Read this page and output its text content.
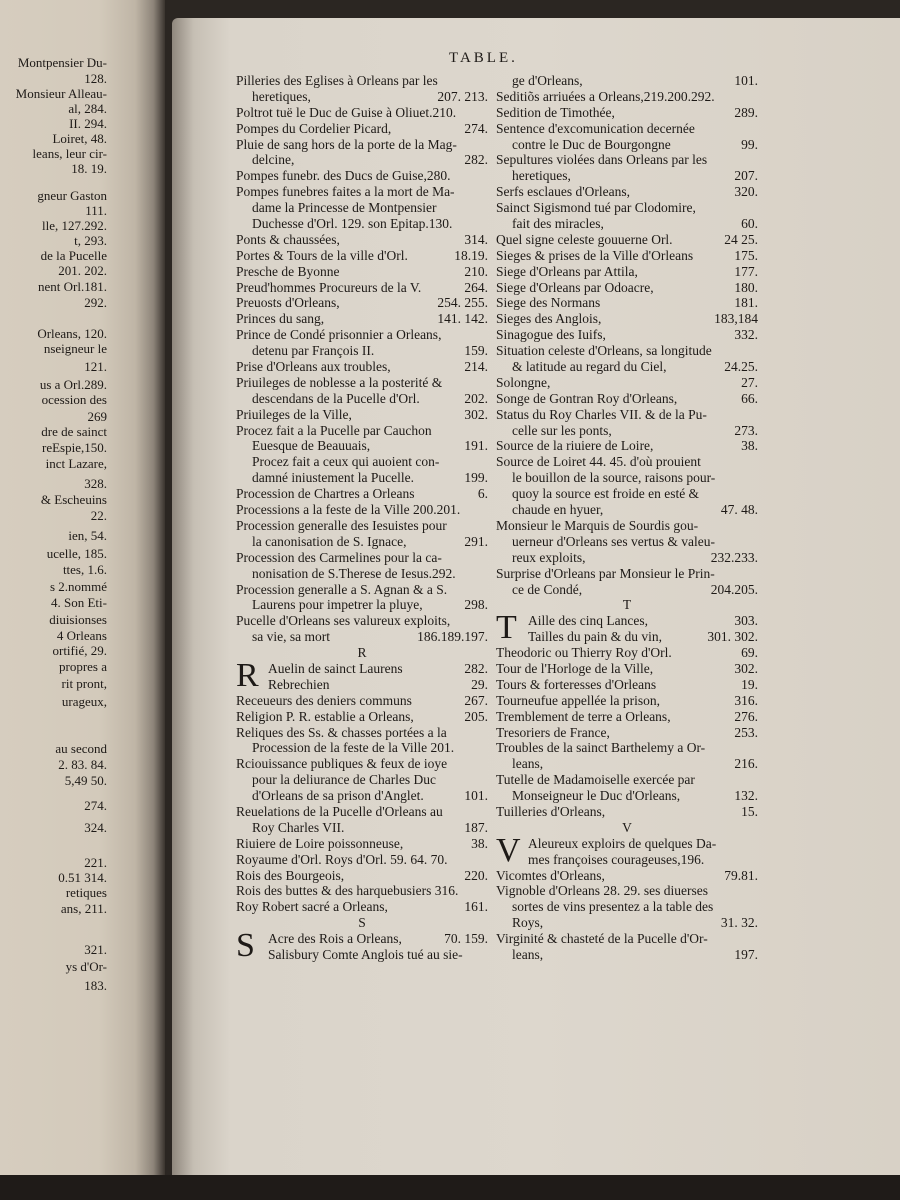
Montpensier Du-
128.
Monsieur Alleau-
al, 284.
II. 294.
Loiret, 48.
leans, leur cir-
18. 19.
gneur Gaston
111.
lle, 127.292.
t, 293.
de la Pucelle
201. 202.
nent Orl.181.
292.
Orleans, 120.
nseigneur le
121.
us a Orl.289.
ocession des
269
dre de sainct
reEspie,150.
inct Lazare,
328.
& Escheuins
22.
ien, 54.
ucelle, 185.
ttes, 1.6.
s 2.nommé
4. Son Eti-
diuisionses
4 Orleans
ortifié, 29.
propres a
rit pront,
urageux,
au second
2. 83. 84.
5,49 50.
274.
324.
221.
0.51 314.
retiques
ans, 211.
321.
ys d'Or-
183.
TABLE.
Pilleries des Eglises à Orleans par les
heretiques,	207. 213.
Poltrot tuë le Duc de Guise à Oliuet.210.
Pompes du Cordelier Picard,	274.
Pluie de sang hors de la porte de la Mag-
delcine,	282.
Pompes funebr. des Ducs de Guise,280.
Pompes funebres faites a la mort de Ma-
dame la Princesse de Montpensier
Duchesse d'Orl. 129. son Epitap.130.
Ponts & chaussées,	314.
Portes & Tours de la ville d'Orl.	18.19.
Presche de Byonne	210.
Preud'hommes Procureurs de la V.	264.
Preuosts d'Orleans,	254. 255.
Princes du sang,	141. 142.
Prince de Condé prisonnier a Orleans,
detenu par François II.	159.
Prise d'Orleans aux troubles,	214.
Priuileges de noblesse a la posterité &
descendans de la Pucelle d'Orl.	202.
Priuileges de la Ville,	302.
Procez fait a la Pucelle par Cauchon
Euesque de Beauuais,	191.
Procez fait a ceux qui auoient con-
damné iniustement la Pucelle.	199.
Procession de Chartres a Orleans	6.
Processions a la feste de la Ville 200.201.
Procession generalle des Iesuistes pour
la canonisation de S. Ignace,	291.
Procession des Carmelines pour la ca-
nonisation de S.Therese de Iesus.292.
Procession generalle a S. Agnan & a S.
Laurens pour impetrer la pluye,	298.
Pucelle d'Orleans ses valureux exploits,
sa vie, sa mort	186.189.197.
R
R Auelin de sainct Laurens	282.
Rebrechien	29.
Receueurs des deniers communs	267.
Religion P. R. establie a Orleans,	205.
Reliques des Ss. & chasses portées a la
Procession de la feste de la Ville 201.
Rciouissance publiques & feux de ioye
pour la deliurance de Charles Duc
d'Orleans de sa prison d'Anglet.	101.
Reuelations de la Pucelle d'Orleans au
Roy Charles VII.	187.
Riuiere de Loire poissonneuse,	38.
Royaume d'Orl. Roys d'Orl. 59. 64. 70.
Rois des Bourgeois,	220.
Rois des buttes & des harquebusiers 316.
Roy Robert sacré a Orleans,	161.
S
S Acre des Rois a Orleans,	70. 159.
Salisbury Comte Anglois tué au sie-
ge d'Orleans,	101.
Seditiõs arriuées a Orleans,219.200.292.
Sedition de Timothée,	289.
Sentence d'excomunication decernée
contre le Duc de Bourgongne	99.
Sepultures violées dans Orleans par les
heretiques,	207.
Serfs esclaues d'Orleans,	320.
Sainct Sigismond tué par Clodomire,
fait des miracles,	60.
Quel signe celeste gouuerne Orl.	24 25.
Sieges & prises de la Ville d'Orleans	175.
Siege d'Orleans par Attila,	177.
Siege d'Orleans par Odoacre,	180.
Siege des Normans	181.
Sieges des Anglois,	183,184
Sinagogue des Iuifs,	332.
Situation celeste d'Orleans, sa longitude
& latitude au regard du Ciel,	24.25.
Solongne,	27.
Songe de Gontran Roy d'Orleans,	66.
Status du Roy Charles VII. & de la Pu-
celle sur les ponts,	273.
Source de la riuiere de Loire,	38.
Source de Loiret 44. 45. d'où prouient
le bouillon de la source, raisons pour-
quoy la source est froide en esté &
chaude en hyuer,	47. 48.
Monsieur le Marquis de Sourdis gou-
uerneur d'Orleans ses vertus & valeu-
reux exploits,	232.233.
Surprise d'Orleans par Monsieur le Prin-
ce de Condé,	204.205.
T
T Aille des cinq Lances,	303.
Tailles du pain & du vin,	301. 302.
Theodoric ou Thierry Roy d'Orl.	69.
Tour de l'Horloge de la Ville,	302.
Tours & forteresses d'Orleans	19.
Tourneufue appellée la prison,	316.
Tremblement de terre a Orleans,	276.
Tresoriers de France,	253.
Troubles de la sainct Barthelemy a Or-
leans,	216.
Tutelle de Madamoiselle exercée par
Monseigneur le Duc d'Orleans,	132.
Tuilleries d'Orleans,	15.
V
V Aleureux exploirs de quelques Da-
mes françoises courageuses,196.
Vicomtes d'Orleans,	79.81.
Vignoble d'Orleans 28. 29. ses diuerses
sortes de vins presentez a la table des
Roys,	31. 32.
Virginité & chasteté de la Pucelle d'Or-
leans,	197.
